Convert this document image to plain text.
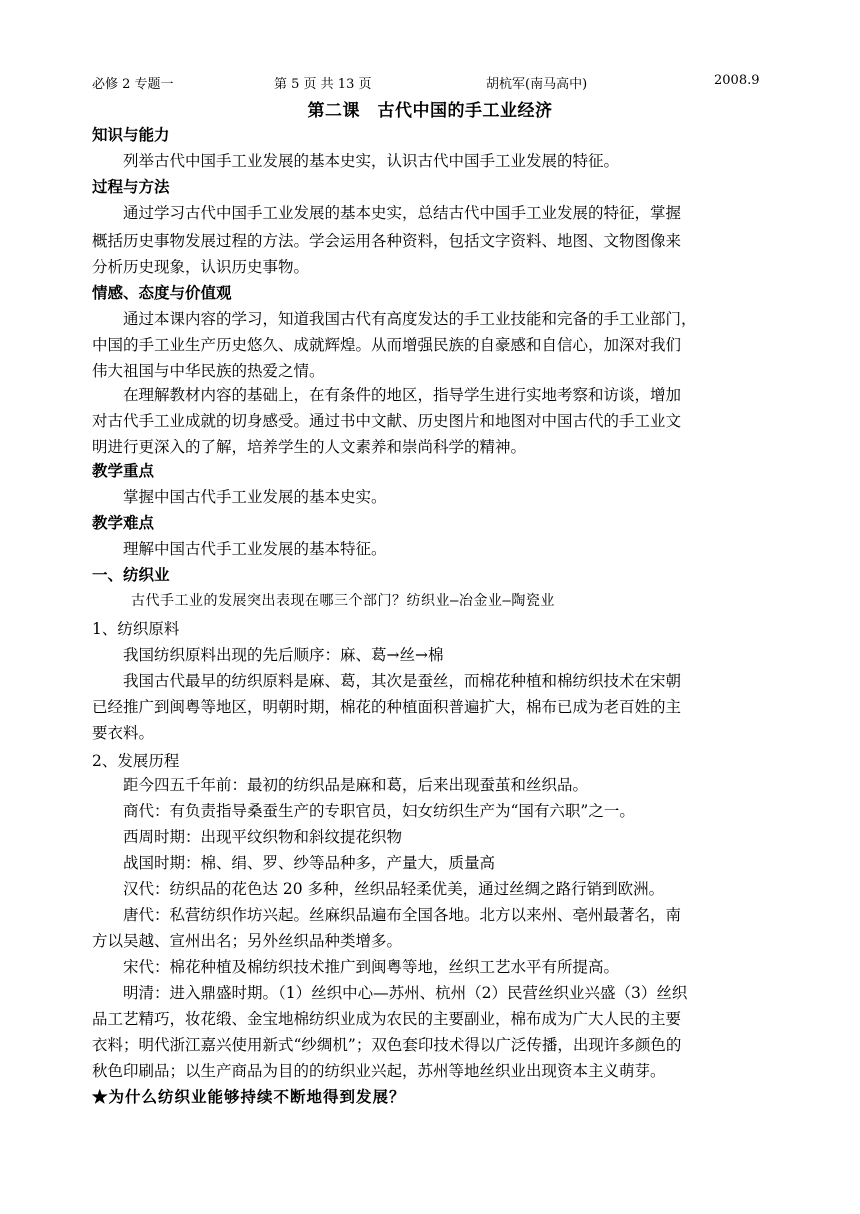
必修 2 专题一	第 5 页 共 13 页	胡杭军(南马高中)	2008.9
第二课　古代中国的手工业经济
知识与能力
列举古代中国手工业发展的基本史实，认识古代中国手工业发展的特征。
过程与方法
通过学习古代中国手工业发展的基本史实，总结古代中国手工业发展的特征，掌握
概括历史事物发展过程的方法。学会运用各种资料，包括文字资料、地图、文物图像来
分析历史现象，认识历史事物。
情感、态度与价值观
通过本课内容的学习，知道我国古代有高度发达的手工业技能和完备的手工业部门，
中国的手工业生产历史悠久、成就辉煌。从而增强民族的自豪感和自信心，加深对我们
伟大祖国与中华民族的热爱之情。
在理解教材内容的基础上，在有条件的地区，指导学生进行实地考察和访谈，增加
对古代手工业成就的切身感受。通过书中文献、历史图片和地图对中国古代的手工业文
明进行更深入的了解，培养学生的人文素养和崇尚科学的精神。
教学重点
掌握中国古代手工业发展的基本史实。
教学难点
理解中国古代手工业发展的基本特征。
一、纺织业
古代手工业的发展突出表现在哪三个部门？纺织业—冶金业—陶瓷业
1、纺织原料
我国纺织原料出现的先后顺序：麻、葛→丝→棉
我国古代最早的纺织原料是麻、葛，其次是蚕丝，而棉花种植和棉纺织技术在宋朝
已经推广到闽粤等地区，明朝时期，棉花的种植面积普遍扩大，棉布已成为老百姓的主
要衣料。
2、发展历程
距今四五千年前：最初的纺织品是麻和葛，后来出现蚕茧和丝织品。
商代：有负责指导桑蚕生产的专职官员，妇女纺织生产为“国有六职”之一。
西周时期：出现平纹织物和斜纹提花织物
战国时期：棉、绢、罗、纱等品种多，产量大，质量高
汉代：纺织品的花色达 20 多种，丝织品轻柔优美，通过丝绸之路行销到欧洲。
唐代：私营纺织作坊兴起。丝麻织品遍布全国各地。北方以来州、亳州最著名，南
方以吴越、宣州出名；另外丝织品种类增多。
宋代：棉花种植及棉纺织技术推广到闽粤等地，丝织工艺水平有所提高。
明清：进入鼎盛时期。（1）丝织中心—苏州、杭州（2）民营丝织业兴盛（3）丝织
品工艺精巧，妆花缎、金宝地棉纺织业成为农民的主要副业，棉布成为广大人民的主要
衣料；明代浙江嘉兴使用新式“纱绸机”；双色套印技术得以广泛传播，出现许多颜色的
秋色印刷品；以生产商品为目的的纺织业兴起，苏州等地丝织业出现资本主义萌芽。
★为什么纺织业能够持续不断地得到发展？
